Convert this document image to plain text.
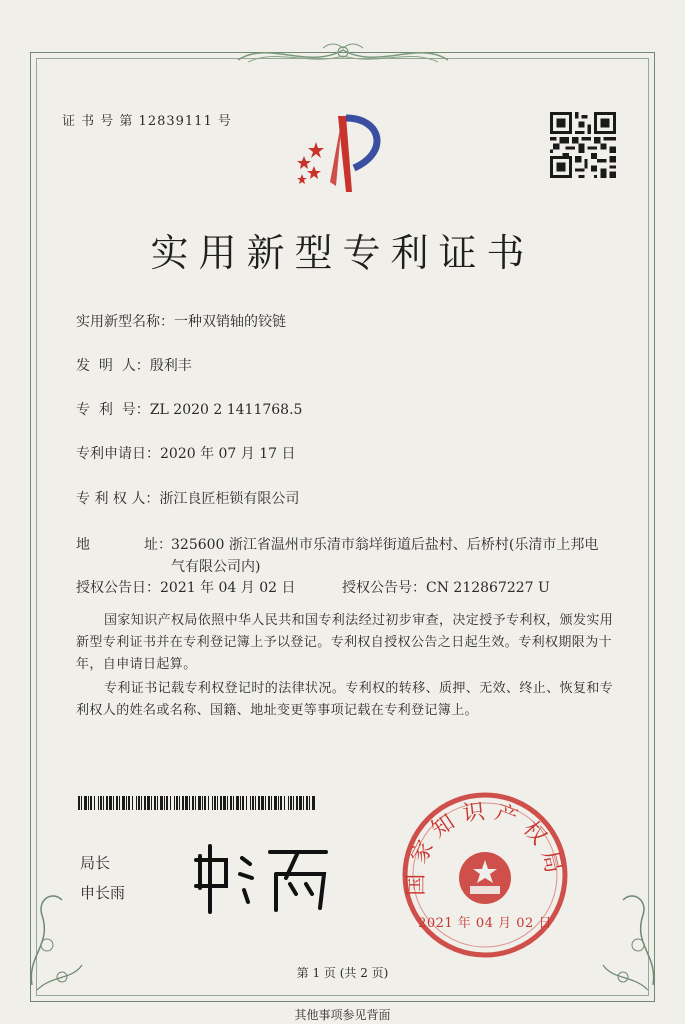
证 书 号 第 12839111 号
实用新型专利证书
实用新型名称：一种双销轴的铰链
发  明  人：殷利丰
专  利  号：ZL 2020 2 1411768.5
专利申请日：2020 年 07 月 17 日
专 利 权 人：浙江良匠柜锁有限公司
地	址： 325600 浙江省温州市乐清市翁垟街道后盐村、后桥村(乐清市上邦电气有限公司内)
授权公告日：2021 年 04 月 02 日	授权公告号：CN 212867227 U
国家知识产权局依照中华人民共和国专利法经过初步审查，决定授予专利权，颁发实用新型专利证书并在专利登记簿上予以登记。专利权自授权公告之日起生效。专利权期限为十年，自申请日起算。
专利证书记载专利权登记时的法律状况。专利权的转移、质押、无效、终止、恢复和专利权人的姓名或名称、国籍、地址变更等事项记载在专利登记簿上。
局长
申长雨	国家知识产权局
2021 年 04 月 02 日
第 1 页 (共 2 页)
其他事项参见背面
